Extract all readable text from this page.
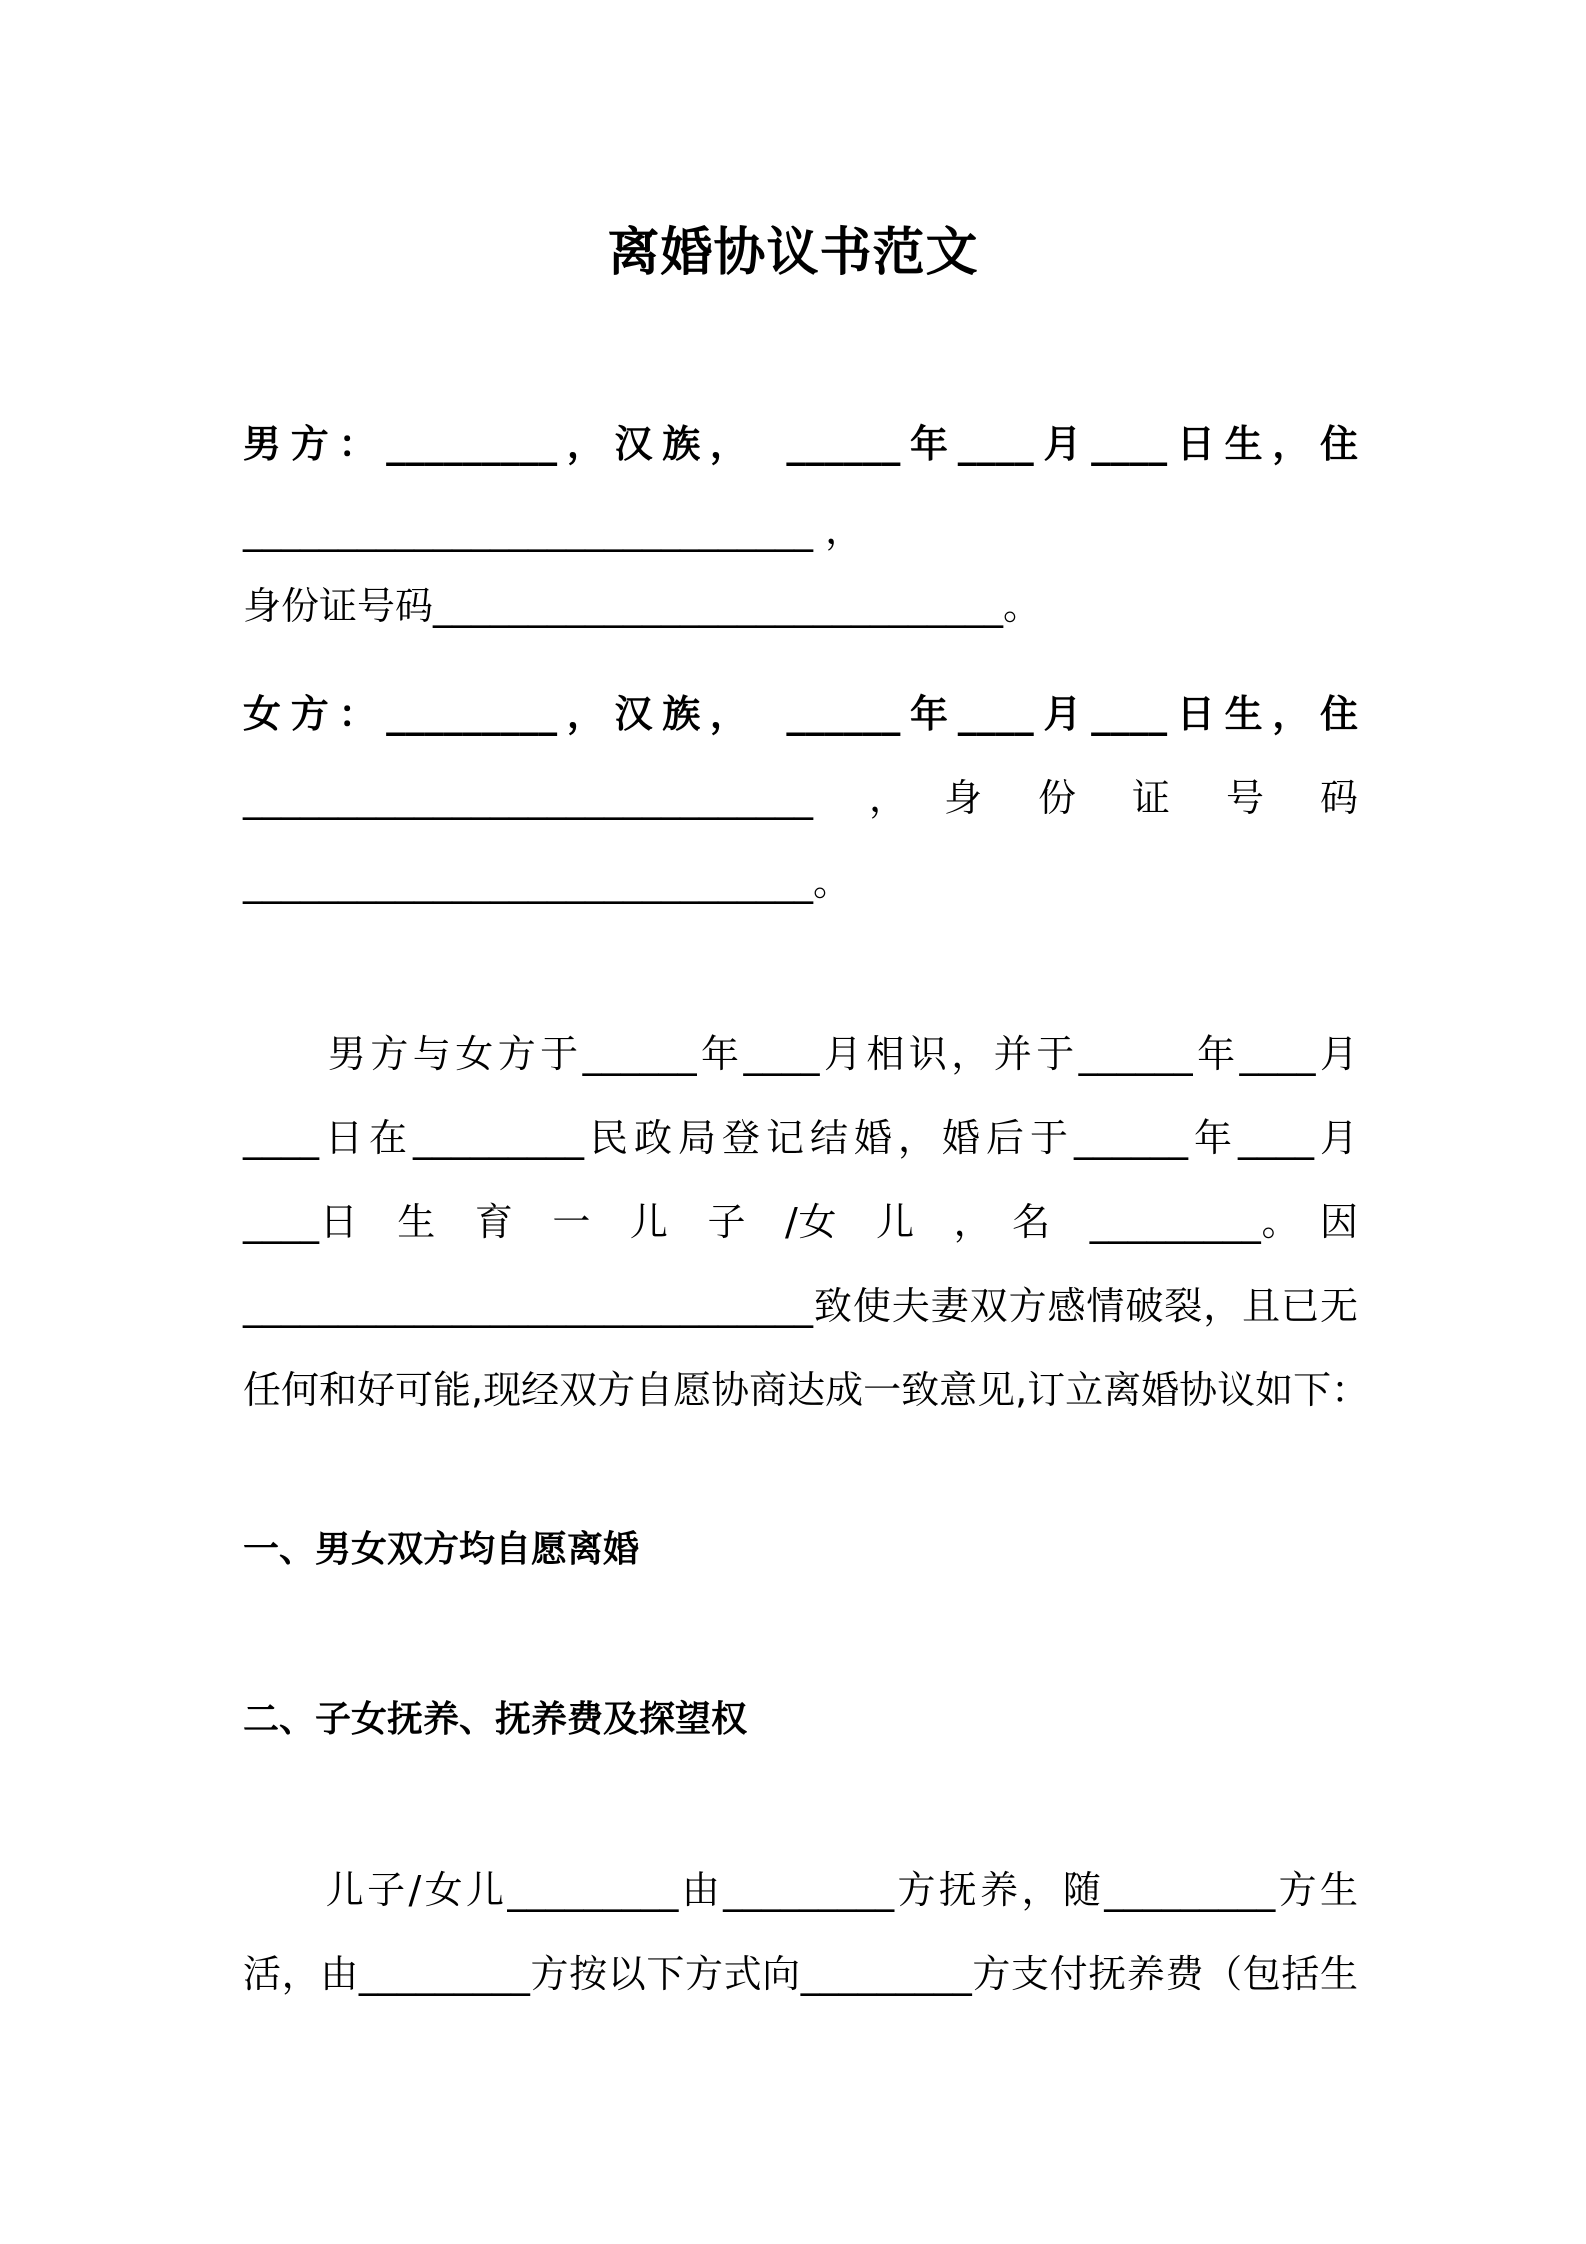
离婚协议书范文
男方：_________，汉族，　______年____月____日生，住
______________________________ ，
身份证号码______________________________。
女方：_________，汉族，　______年____月____日生，住
______________________________　，　身　份　证　号　码
______________________________。
　　男方与女方于______年____月相识，并于______年____月
____日在_________民政局登记结婚，婚后于______年____月
____日　生　育　一　儿　子　/女　儿　，　名　_________。　因
______________________________致使夫妻双方感情破裂，且已无
任何和好可能,现经双方自愿协商达成一致意见,订立离婚协议如下：
一、男女双方均自愿离婚
二、子女抚养、抚养费及探望权
　　儿子/女儿_________由_________方抚养，随_________方生
活，由_________方按以下方式向_________方支付抚养费（包括生
